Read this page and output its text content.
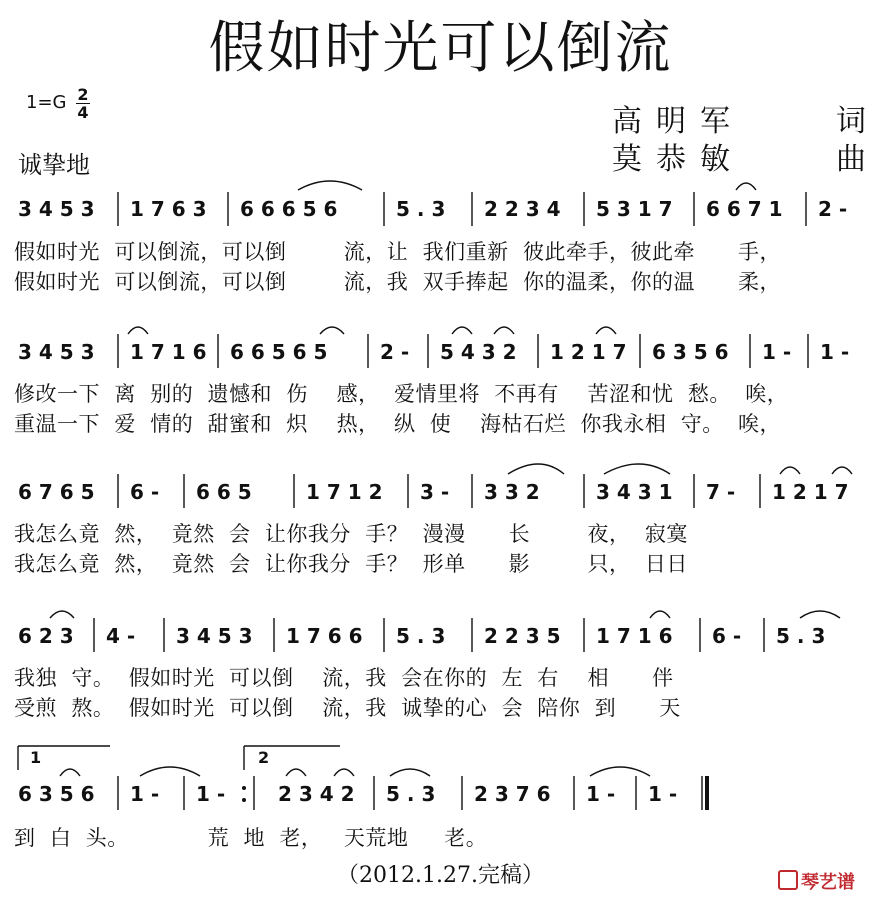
假如时光可以倒流
$1=G \frac{2}{4}$
诚挚地
高明军	词
莫恭敏	曲
3 4 5 3 1 7 6 3 6 6 6 5 6	5 . 3 2 2 3 4 5 3 1 7 6 6 7 1 2 -
假如时光  可以倒流，可以倒        流，让  我们重新  彼此牵手，彼此牵      手，
假如时光  可以倒流，可以倒        流，我  双手捧起  你的温柔，你的温      柔，
3 4 5 3 1 7 1 6 6 6 5 6 5	2 - 5 4 3 2 1 2 1 7 6 3 5 6 1 - 1 -
修改一下  离  别的  遗憾和  伤    感，  爱情里将  不再有    苦涩和忧  愁。  唉，
重温一下  爱  情的  甜蜜和  炽    热，  纵  使    海枯石烂  你我永相  守。  唉，
6 7 6 5 6 - 6 6 5	1 7 1 2 3 - 3 3 2	3 4 3 1 7 - 1 2 1 7
我怎么竟  然，  竟然  会  让你我分  手？  漫漫      长        夜，  寂寞
我怎么竟  然，  竟然  会  让你我分  手？  形单      影        只，  日日
6 2 3 4 - 3 4 5 3 1 7 6 6 5 . 3 2 2 3 5 1 7 1 6 6 - 5 . 3
我独  守。  假如时光  可以倒    流，我  会在你的  左  右    相      伴
受煎  熬。  假如时光  可以倒    流，我  诚挚的心  会  陪你  到      天
1	2
6 3 5 6 1 - 1 -	2 3 4 2 5 . 3 2 3 7 6 1 - 1 -
到  白  头。           荒  地  老，   天荒地     老。
（2012.1.27.完稿）	琴艺谱
